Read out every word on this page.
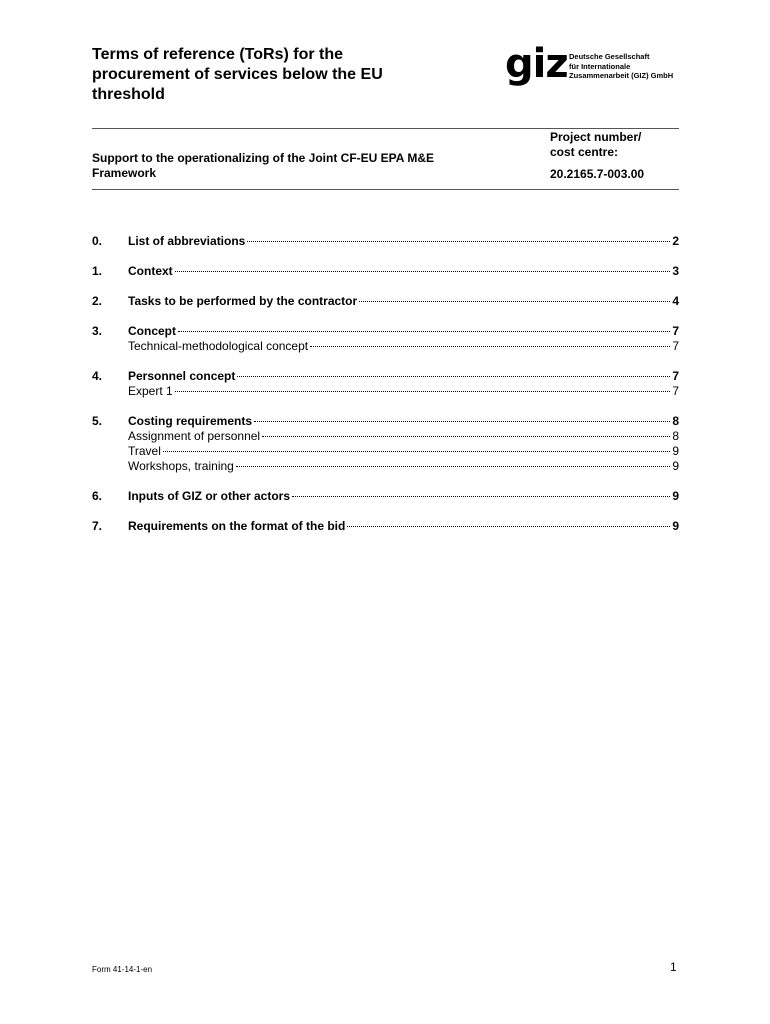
Terms of reference (ToRs) for the
procurement of services below the EU
threshold
giz Deutsche Gesellschaft
für Internationale
Zusammenarbeit (GIZ) GmbH
Support to the operationalizing of the Joint CF-EU EPA M&E
Framework
Project number/
cost centre:
20.2165.7-003.00
0.	List of abbreviations	2
1.	Context	3
2.	Tasks to be performed by the contractor	4
3.	Concept	7
Technical-methodological concept	7
4.	Personnel concept	7
Expert 1	7
5.	Costing requirements	8
Assignment of personnel	8
Travel	9
Workshops, training	9
6.	Inputs of GIZ or other actors	9
7.	Requirements on the format of the bid	9
Form 41-14-1-en	1
